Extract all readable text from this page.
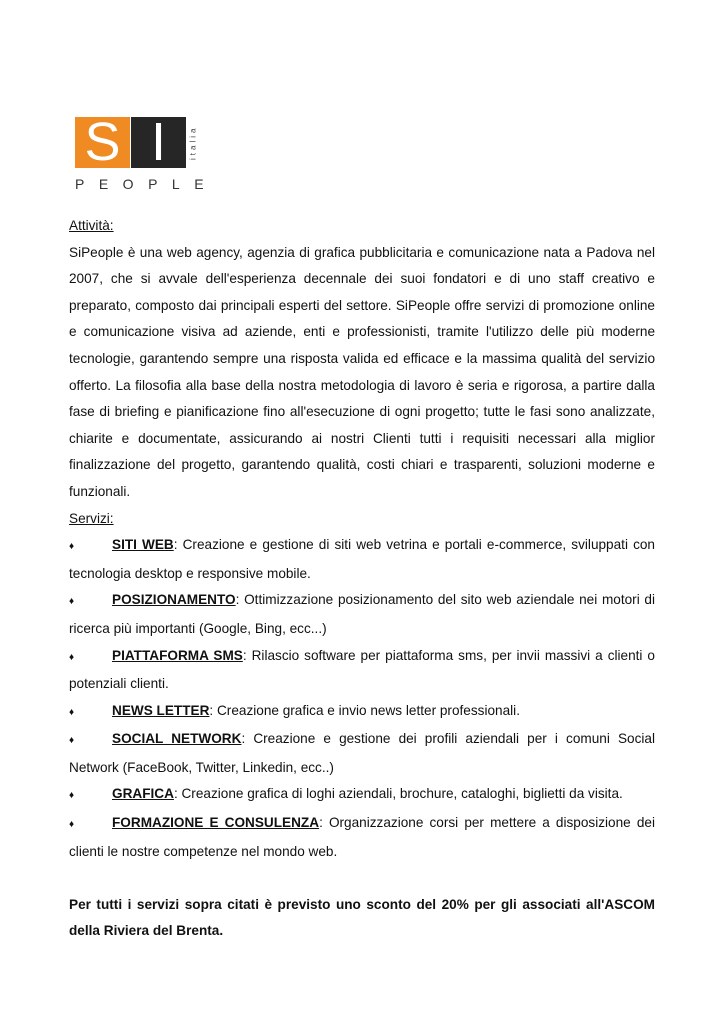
S I	italia
PEOPLE

Attività:

SiPeople è una web agency, agenzia di grafica pubblicitaria e comunicazione nata a Padova nel 2007, che si avvale dell'esperienza decennale dei suoi fondatori e di uno staff creativo e preparato, composto dai principali esperti del settore. SiPeople offre servizi di promozione online e comunicazione visiva ad aziende, enti e professionisti, tramite l'utilizzo delle più moderne tecnologie, garantendo sempre una risposta valida ed efficace e la massima qualità del servizio offerto. La filosofia alla base della nostra metodologia di lavoro è seria e rigorosa, a partire dalla fase di briefing e pianificazione fino all'esecuzione di ogni progetto; tutte le fasi sono analizzate, chiarite e documentate, assicurando ai nostri Clienti tutti i requisiti necessari alla miglior finalizzazione del progetto, garantendo qualità, costi chiari e trasparenti, soluzioni moderne e funzionali.

Servizi:

♦	SITI WEB: Creazione e gestione di siti web vetrina e portali e-commerce, sviluppati con tecnologia desktop e responsive mobile.

♦	POSIZIONAMENTO: Ottimizzazione posizionamento del sito web aziendale nei motori di ricerca più importanti (Google, Bing, ecc...)

♦	PIATTAFORMA SMS: Rilascio software per piattaforma sms, per invii massivi a clienti o potenziali clienti.

♦	NEWS LETTER: Creazione grafica e invio news letter professionali.

♦	SOCIAL NETWORK: Creazione e gestione dei profili aziendali per i comuni Social Network (FaceBook, Twitter, Linkedin, ecc..)

♦	GRAFICA: Creazione grafica di loghi aziendali, brochure, cataloghi, biglietti da visita.

♦	FORMAZIONE E CONSULENZA: Organizzazione corsi per mettere a disposizione dei clienti le nostre competenze nel mondo web.

Per tutti i servizi sopra citati è previsto uno sconto del 20% per gli associati all'ASCOM della Riviera del Brenta.
